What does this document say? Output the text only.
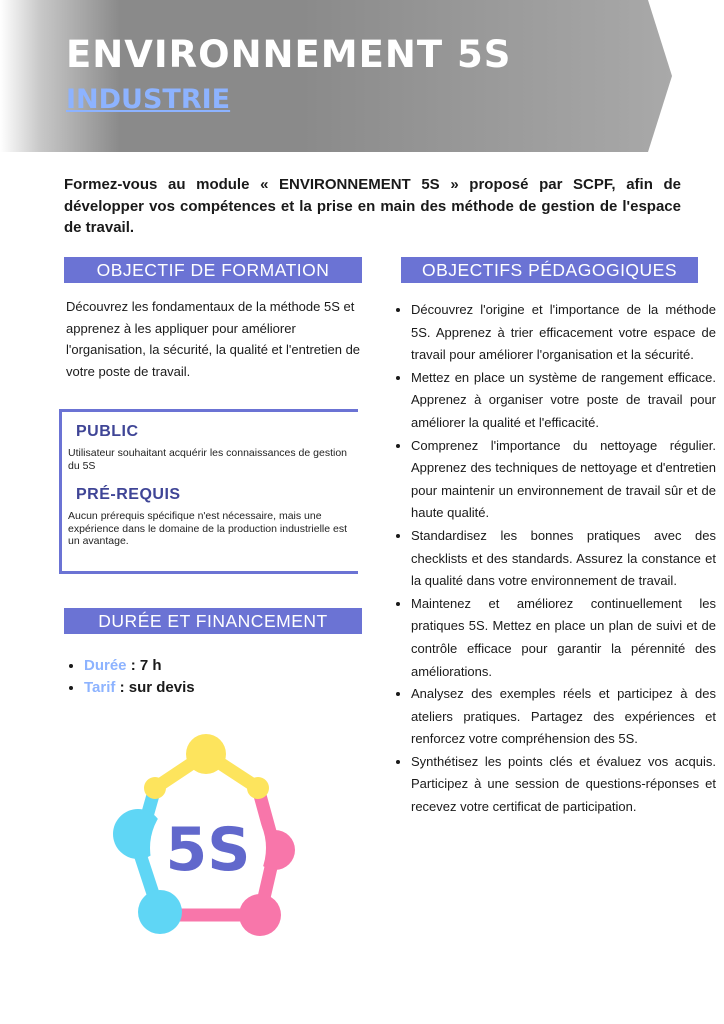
ENVIRONNEMENT 5S
INDUSTRIE
Formez-vous au module « ENVIRONNEMENT 5S » proposé par SCPF, afin de développer vos compétences et la prise en main des méthode de gestion de l'espace de travail.
OBJECTIF DE FORMATION
Découvrez les fondamentaux de la méthode 5S et apprenez à les appliquer pour améliorer l'organisation, la sécurité, la qualité et l'entretien de votre poste de travail.
PUBLIC
Utilisateur souhaitant acquérir les connaissances de gestion du 5S
PRÉ-REQUIS
Aucun prérequis spécifique n'est nécessaire, mais une expérience dans le domaine de la production industrielle est un avantage.
DURÉE ET FINANCEMENT
• Durée : 7 h
• Tarif : sur devis
5S
OBJECTIFS PÉDAGOGIQUES
• Découvrez l'origine et l'importance de la méthode 5S. Apprenez à trier efficacement votre espace de travail pour améliorer l'organisation et la sécurité.
• Mettez en place un système de rangement efficace. Apprenez à organiser votre poste de travail pour améliorer la qualité et l'efficacité.
• Comprenez l'importance du nettoyage régulier. Apprenez des techniques de nettoyage et d'entretien pour maintenir un environnement de travail sûr et de haute qualité.
• Standardisez les bonnes pratiques avec des checklists et des standards. Assurez la constance et la qualité dans votre environnement de travail.
• Maintenez et améliorez continuellement les pratiques 5S. Mettez en place un plan de suivi et de contrôle efficace pour garantir la pérennité des améliorations.
• Analysez des exemples réels et participez à des ateliers pratiques. Partagez des expériences et renforcez votre compréhension des 5S.
• Synthétisez les points clés et évaluez vos acquis. Participez à une session de questions-réponses et recevez votre certificat de participation.
